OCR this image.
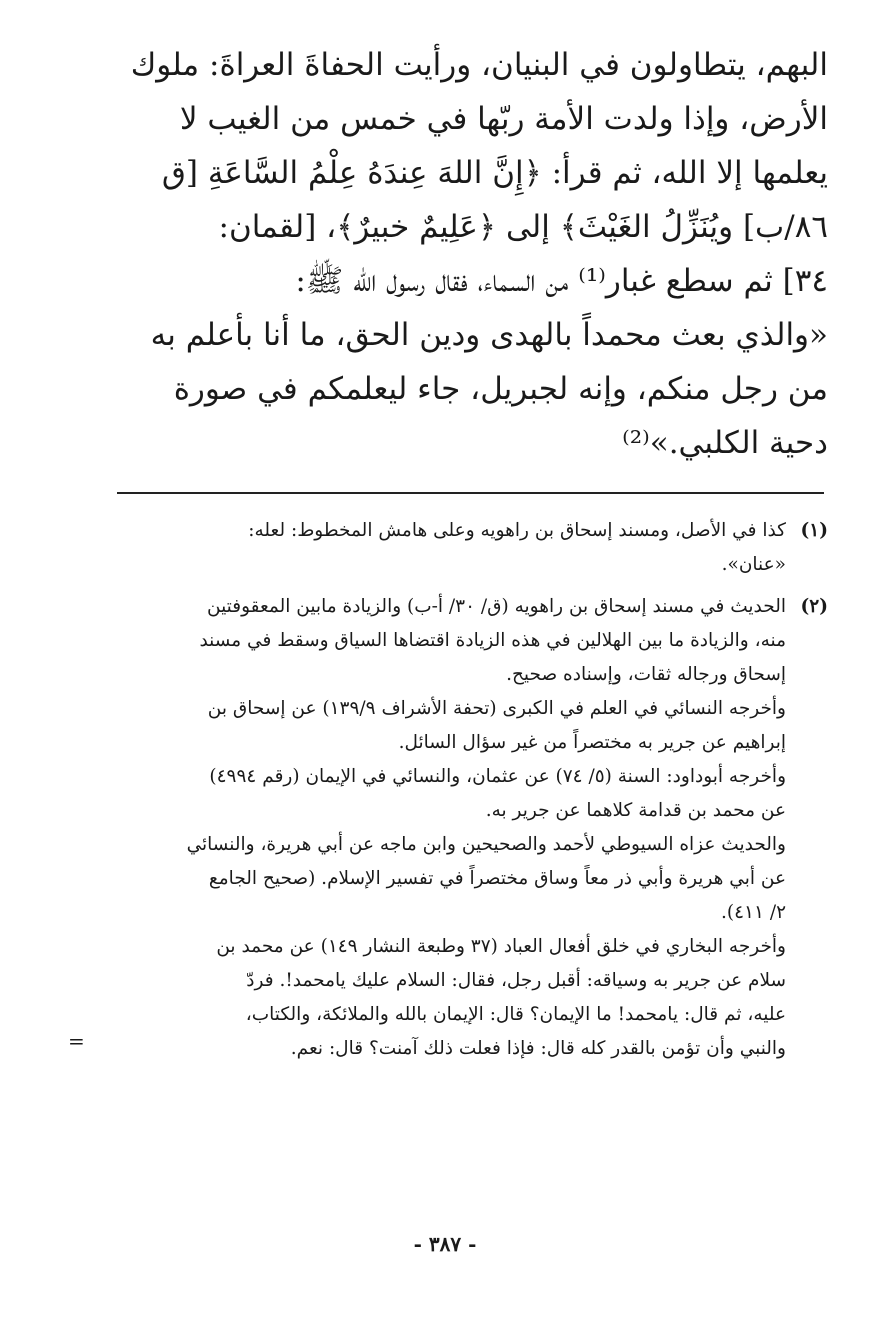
البهم، يتطاولون في البنيان، ورأيت الحفاةَ العراةَ: ملوك
الأرض، وإذا ولدت الأمة ربّها في خمس من الغيب لا
يعلمها إلا الله، ثم قرأ: ﴿إِنَّ اللهَ عِندَهُ عِلْمُ السَّاعَةِ [ق
٨٦/ب] ويُنَزِّلُ الغَيْثَ﴾ إلى ﴿عَلِيمٌ خبيرٌ﴾، [لقمان:
٣٤] ثم سطع غبار⁽¹⁾ من السماء، فقال رسول الله ﷺ:
«والذي بعث محمداً بالهدى ودين الحق، ما أنا بأعلم به
من رجل منكم، وإنه لجبريل، جاء ليعلمكم في صورة
دحية الكلبي.»⁽²⁾
(١)
كذا في الأصل، ومسند إسحاق بن راهويه وعلى هامش المخطوط: لعله:
«عنان».
(٢)
الحديث في مسند إسحاق بن راهويه (ق/ ٣٠/ أ-ب) والزيادة مابين المعقوفتين
منه، والزيادة ما بين الهلالين في هذه الزيادة اقتضاها السياق وسقط في مسند
إسحاق ورجاله ثقات، وإسناده صحيح.
وأخرجه النسائي في العلم في الكبرى (تحفة الأشراف ١٣٩/٩) عن إسحاق بن
إبراهيم عن جرير به مختصراً من غير سؤال السائل.
وأخرجه أبوداود: السنة (٥/ ٧٤) عن عثمان، والنسائي في الإيمان (رقم ٤٩٩٤)
عن محمد بن قدامة كلاهما عن جرير به.
والحديث عزاه السيوطي لأحمد والصحيحين وابن ماجه عن أبي هريرة، والنسائي
عن أبي هريرة وأبي ذر معاً وساق مختصراً في تفسير الإسلام. (صحيح الجامع
٢/ ٤١١).
وأخرجه البخاري في خلق أفعال العباد (٣٧ وطبعة النشار ١٤٩) عن محمد بن
سلام عن جرير به وسياقه: أقبل رجل، فقال: السلام عليك يامحمد!. فردّ
عليه، ثم قال: يامحمد! ما الإيمان؟ قال: الإيمان بالله والملائكة، والكتاب،
والنبي وأن تؤمن بالقدر كله قال: فإذا فعلت ذلك آمنت؟ قال: نعم.
=
- ٣٨٧ -
